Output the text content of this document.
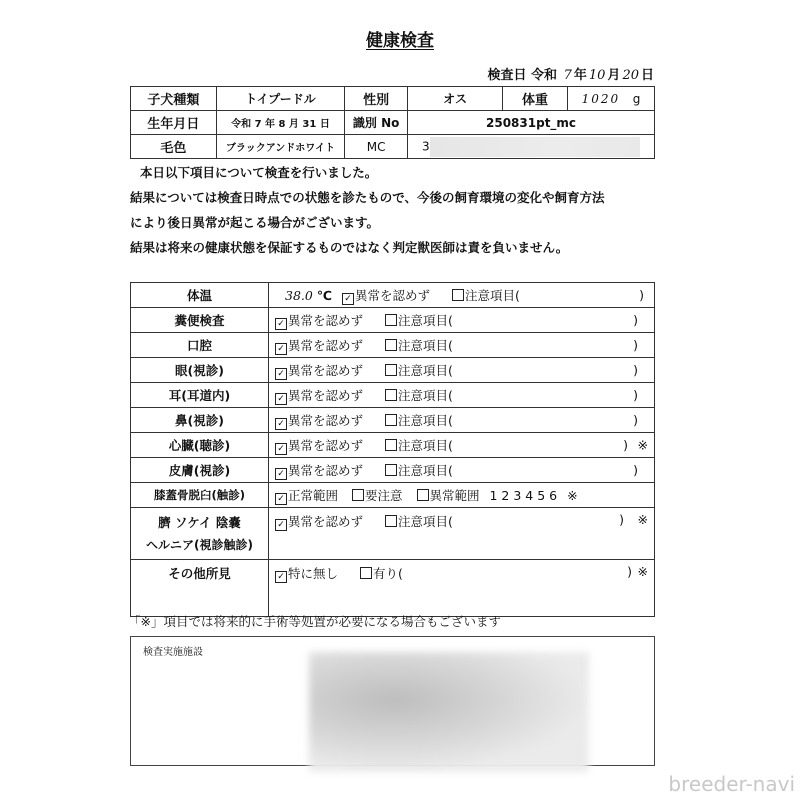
健康検査
検査日 令和 7 年 10 月 20 日
子犬種類	トイプードル	性別	オス	体重	1020 g
生年月日	令和 7 年 8 月 31 日	識別 No	250831pt_mc		
毛色	ブラックアンドホワイト	MC	3		
本日以下項目について検査を行いました。
結果については検査日時点での状態を診たもので、今後の飼育環境の変化や飼育方法
により後日異常が起こる場合がございます。
結果は将来の健康状態を保証するものではなく判定獣医師は責を負いません。
体温	38.0 ℃ ✓ 異常を認めず 注意項目( )

糞便検査	✓ 異常を認めず 注意項目( )

口腔	✓ 異常を認めず 注意項目( )

眼(視診)	✓ 異常を認めず 注意項目( )

耳(耳道内)	✓ 異常を認めず 注意項目( )

鼻(視診)	✓ 異常を認めず 注意項目( )

心臓(聴診)	✓ 異常を認めず 注意項目( ) ※

皮膚(視診)	✓ 異常を認めず 注意項目( )

膝蓋骨脱臼(触診)	✓ 正常範囲 要注意 異常範囲 1 2 3 4 5 6 ※

臍 ソケイ 陰嚢
ヘルニア(視診触診)
	✓ 異常を認めず	注意項目(	) ※

その他所見	✓ 特に無し 有り( ) ※
「※」項目では将来的に手術等処置が必要になる場合もございます
検査実施施設
breeder-navi
